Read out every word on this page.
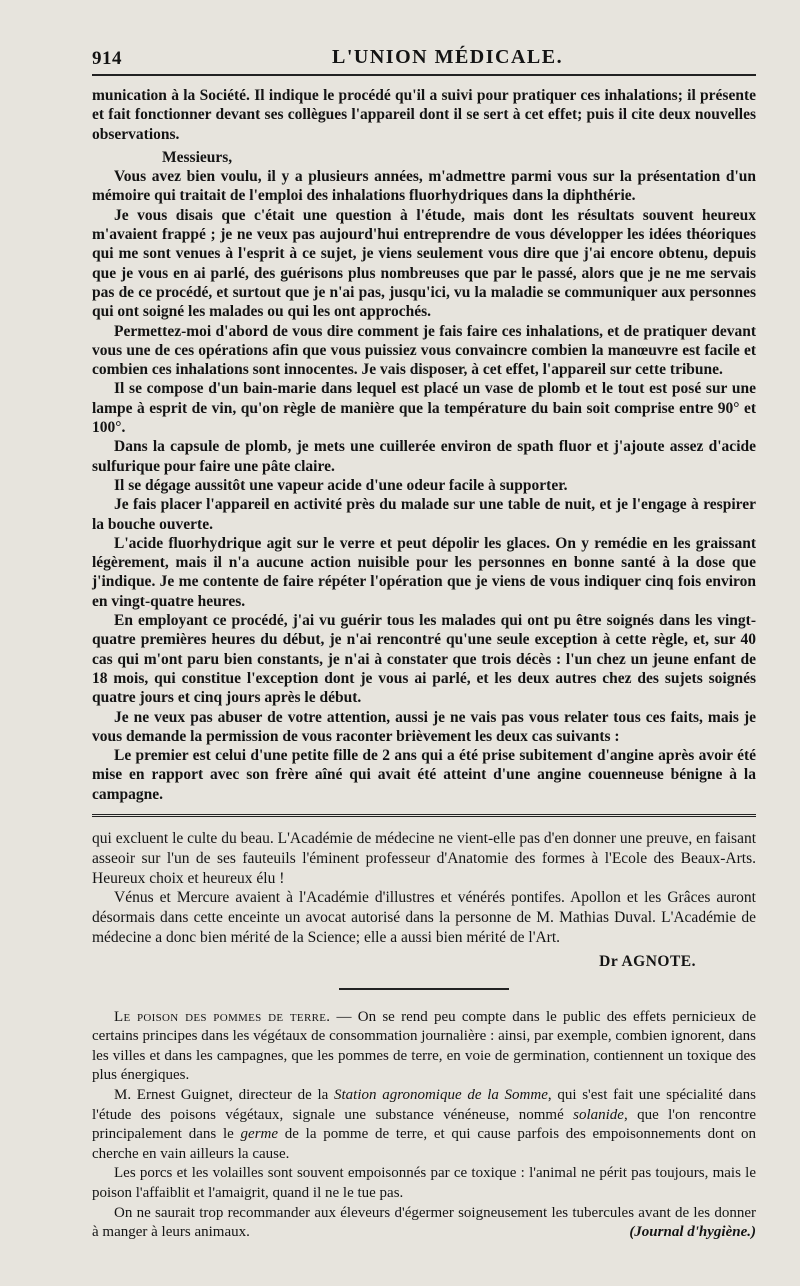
914	L'UNION MÉDICALE.

munication à la Société. Il indique le procédé qu'il a suivi pour pratiquer ces inhalations; il présente et fait fonctionner devant ses collègues l'appareil dont il se sert à cet effet; puis il cite deux nouvelles observations.

Messieurs,

Vous avez bien voulu, il y a plusieurs années, m'admettre parmi vous sur la présentation d'un mémoire qui traitait de l'emploi des inhalations fluorhydriques dans la diphthérie.

Je vous disais que c'était une question à l'étude, mais dont les résultats souvent heureux m'avaient frappé ; je ne veux pas aujourd'hui entreprendre de vous développer les idées théoriques qui me sont venues à l'esprit à ce sujet, je viens seulement vous dire que j'ai encore obtenu, depuis que je vous en ai parlé, des guérisons plus nombreuses que par le passé, alors que je ne me servais pas de ce procédé, et surtout que je n'ai pas, jusqu'ici, vu la maladie se communiquer aux personnes qui ont soigné les malades ou qui les ont approchés.

Permettez-moi d'abord de vous dire comment je fais faire ces inhalations, et de pratiquer devant vous une de ces opérations afin que vous puissiez vous convaincre combien la manœuvre est facile et combien ces inhalations sont innocentes. Je vais disposer, à cet effet, l'appareil sur cette tribune.

Il se compose d'un bain-marie dans lequel est placé un vase de plomb et le tout est posé sur une lampe à esprit de vin, qu'on règle de manière que la température du bain soit comprise entre 90° et 100°.

Dans la capsule de plomb, je mets une cuillerée environ de spath fluor et j'ajoute assez d'acide sulfurique pour faire une pâte claire.

Il se dégage aussitôt une vapeur acide d'une odeur facile à supporter.

Je fais placer l'appareil en activité près du malade sur une table de nuit, et je l'engage à respirer la bouche ouverte.

L'acide fluorhydrique agit sur le verre et peut dépolir les glaces. On y remédie en les graissant légèrement, mais il n'a aucune action nuisible pour les personnes en bonne santé à la dose que j'indique. Je me contente de faire répéter l'opération que je viens de vous indiquer cinq fois environ en vingt-quatre heures.

En employant ce procédé, j'ai vu guérir tous les malades qui ont pu être soignés dans les vingt-quatre premières heures du début, je n'ai rencontré qu'une seule exception à cette règle, et, sur 40 cas qui m'ont paru bien constants, je n'ai à constater que trois décès : l'un chez un jeune enfant de 18 mois, qui constitue l'exception dont je vous ai parlé, et les deux autres chez des sujets soignés quatre jours et cinq jours après le début.

Je ne veux pas abuser de votre attention, aussi je ne vais pas vous relater tous ces faits, mais je vous demande la permission de vous raconter brièvement les deux cas suivants :

Le premier est celui d'une petite fille de 2 ans qui a été prise subitement d'angine après avoir été mise en rapport avec son frère aîné qui avait été atteint d'une angine couenneuse bénigne à la campagne.

qui excluent le culte du beau. L'Académie de médecine ne vient-elle pas d'en donner une preuve, en faisant asseoir sur l'un de ses fauteuils l'éminent professeur d'Anatomie des formes à l'Ecole des Beaux-Arts. Heureux choix et heureux élu !

Vénus et Mercure avaient à l'Académie d'illustres et vénérés pontifes. Apollon et les Grâces auront désormais dans cette enceinte un avocat autorisé dans la personne de M. Mathias Duval. L'Académie de médecine a donc bien mérité de la Science; elle a aussi bien mérité de l'Art.

Dr AGNOTE.

Le poison des pommes de terre. — On se rend peu compte dans le public des effets pernicieux de certains principes dans les végétaux de consommation journalière : ainsi, par exemple, combien ignorent, dans les villes et dans les campagnes, que les pommes de terre, en voie de germination, contiennent un toxique des plus énergiques.

M. Ernest Guignet, directeur de la Station agronomique de la Somme, qui s'est fait une spécialité dans l'étude des poisons végétaux, signale une substance vénéneuse, nommé solanide, que l'on rencontre principalement dans le germe de la pomme de terre, et qui cause parfois des empoisonnements dont on cherche en vain ailleurs la cause.

Les porcs et les volailles sont souvent empoisonnés par ce toxique : l'animal ne périt pas toujours, mais le poison l'affaiblit et l'amaigrit, quand il ne le tue pas.

On ne saurait trop recommander aux éleveurs d'égermer soigneusement les tubercules avant de les donner à manger à leurs animaux.	(Journal d'hygiène.)
